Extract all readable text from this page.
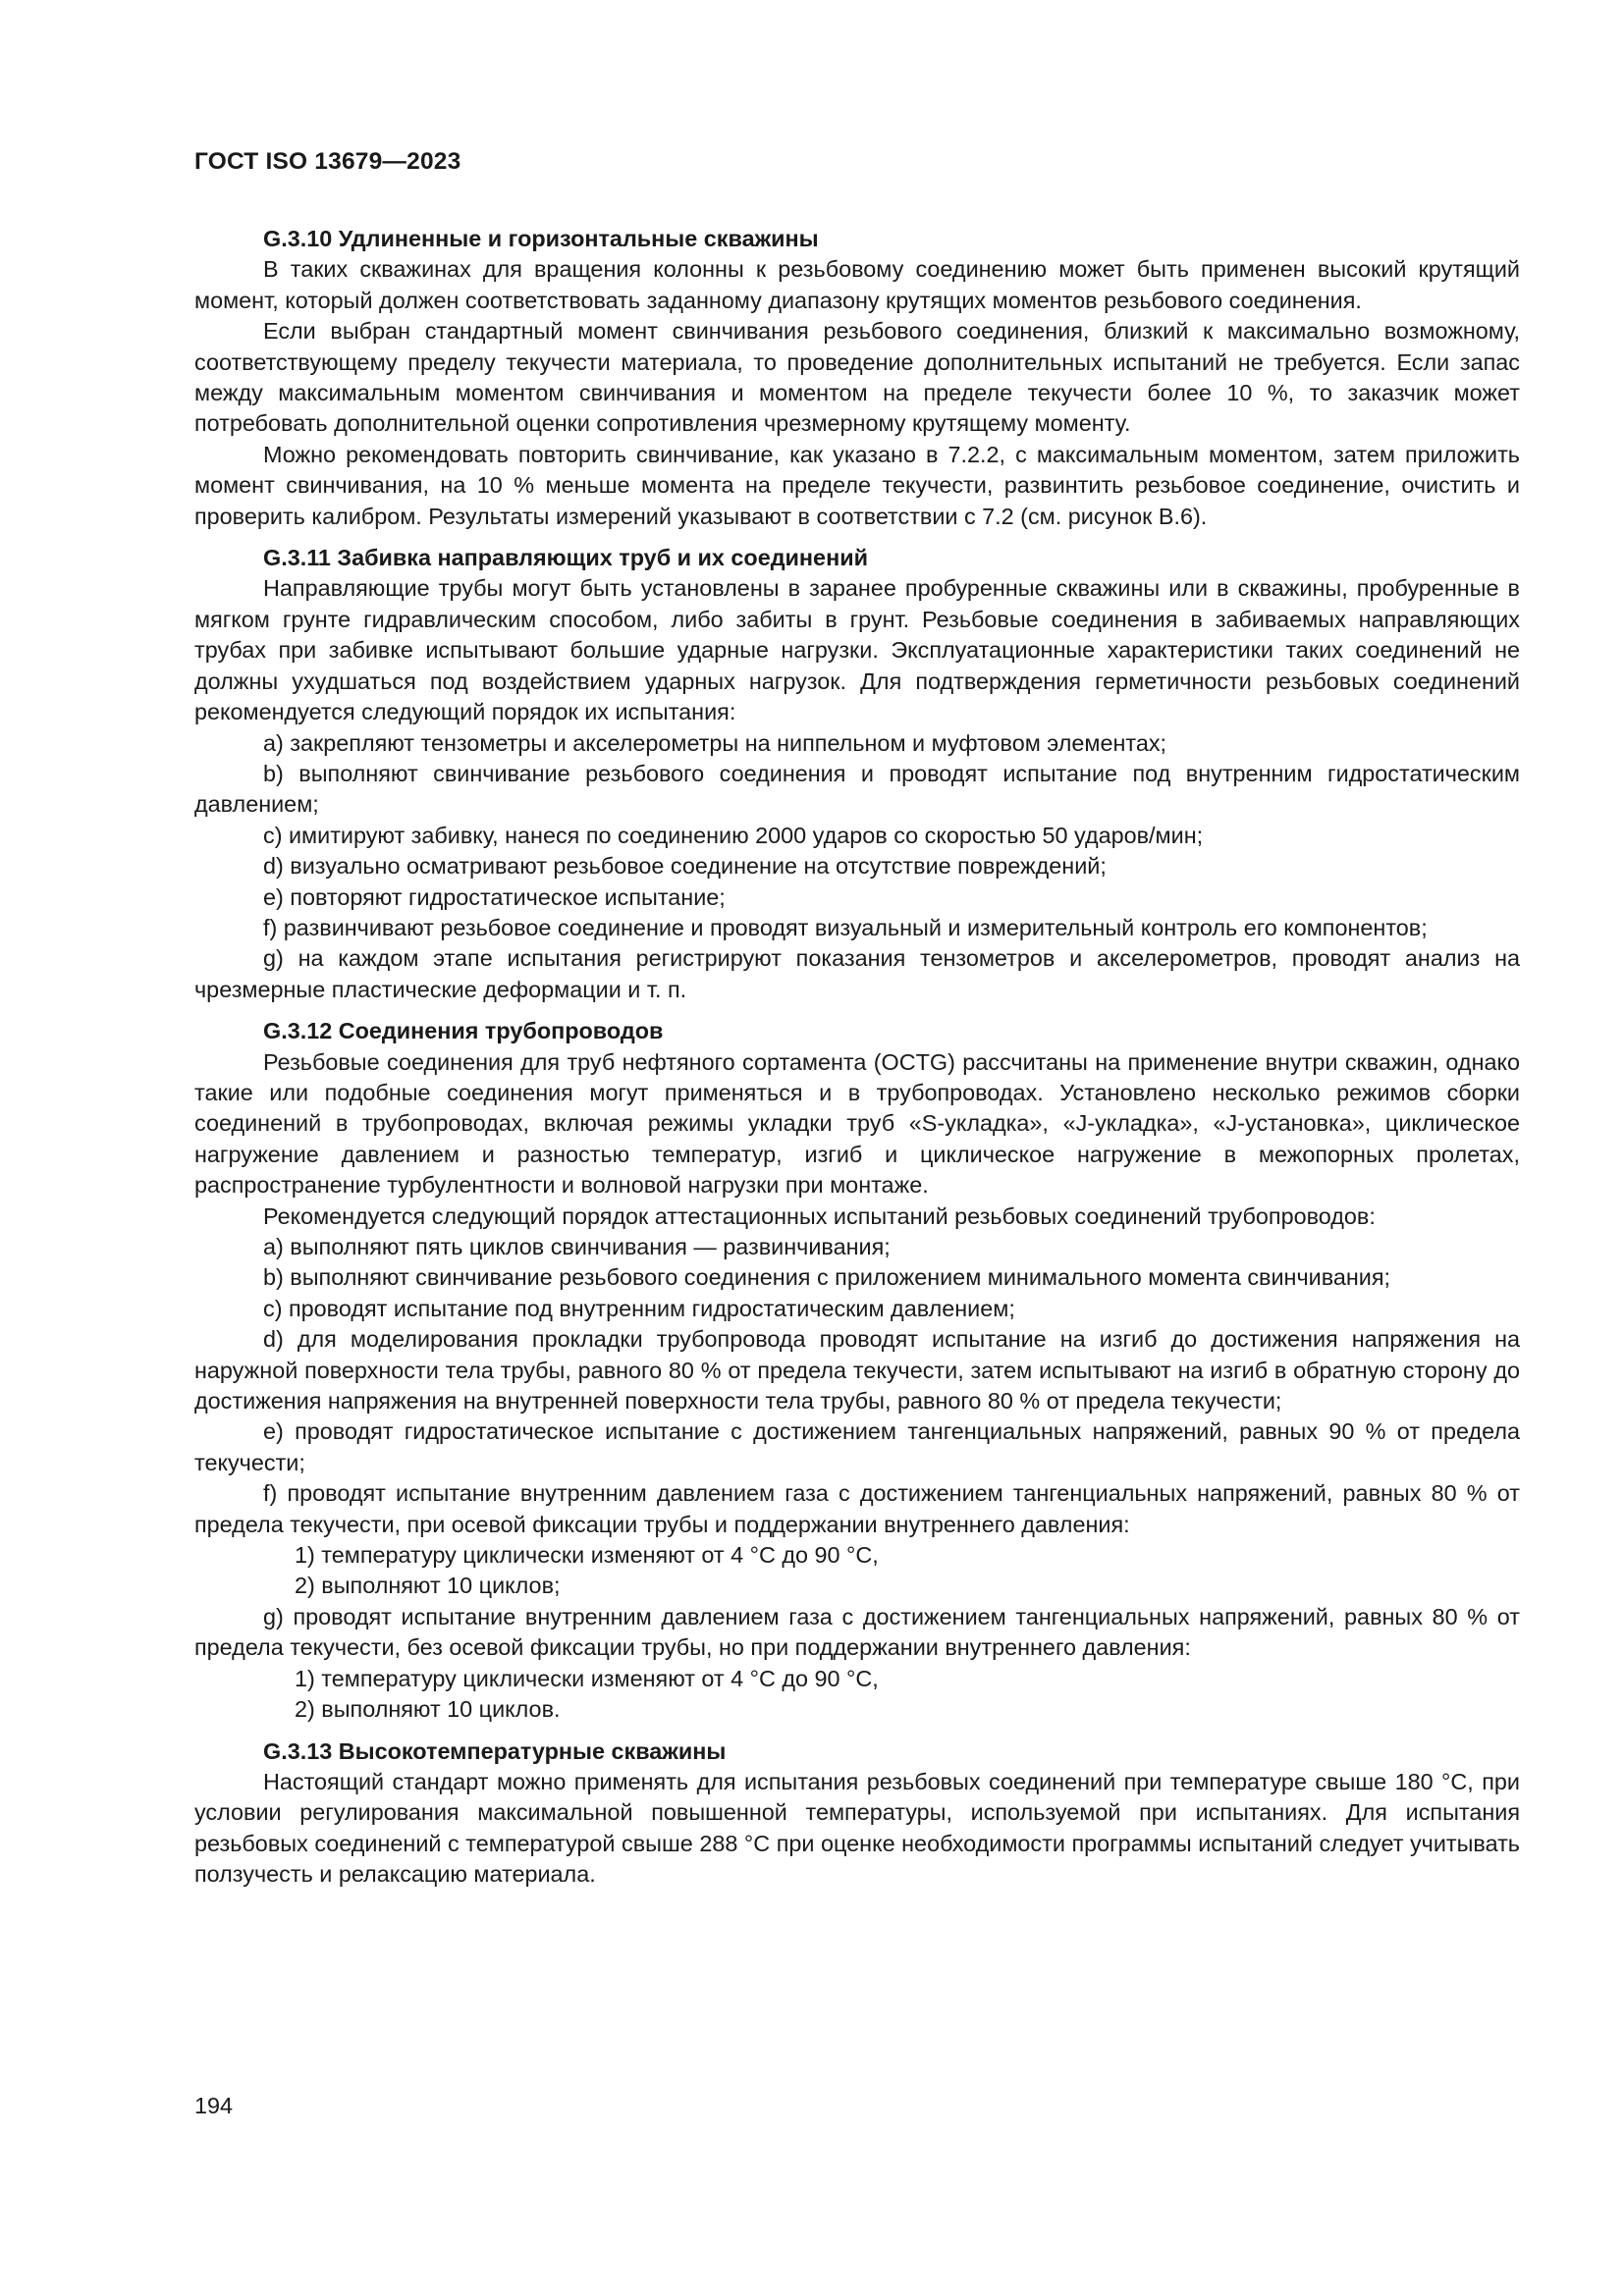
ГОСТ ISO 13679—2023
G.3.10 Удлиненные и горизонтальные скважины

В таких скважинах для вращения колонны к резьбовому соединению может быть применен высокий крутящий момент, который должен соответствовать заданному диапазону крутящих моментов резьбового соединения.

Если выбран стандартный момент свинчивания резьбового соединения, близкий к максимально возможному, соответствующему пределу текучести материала, то проведение дополнительных испытаний не требуется. Если запас между максимальным моментом свинчивания и моментом на пределе текучести более 10 %, то заказчик может потребовать дополнительной оценки сопротивления чрезмерному крутящему моменту.

Можно рекомендовать повторить свинчивание, как указано в 7.2.2, с максимальным моментом, затем приложить момент свинчивания, на 10 % меньше момента на пределе текучести, развинтить резьбовое соединение, очистить и проверить калибром. Результаты измерений указывают в соответствии с 7.2 (см. рисунок В.6).

G.3.11 Забивка направляющих труб и их соединений

Направляющие трубы могут быть установлены в заранее пробуренные скважины или в скважины, пробуренные в мягком грунте гидравлическим способом, либо забиты в грунт. Резьбовые соединения в забиваемых направляющих трубах при забивке испытывают большие ударные нагрузки. Эксплуатационные характеристики таких соединений не должны ухудшаться под воздействием ударных нагрузок. Для подтверждения герметичности резьбовых соединений рекомендуется следующий порядок их испытания:

a) закрепляют тензометры и акселерометры на ниппельном и муфтовом элементах;

b) выполняют свинчивание резьбового соединения и проводят испытание под внутренним гидростатическим давлением;

c) имитируют забивку, нанеся по соединению 2000 ударов со скоростью 50 ударов/мин;

d) визуально осматривают резьбовое соединение на отсутствие повреждений;

e) повторяют гидростатическое испытание;

f) развинчивают резьбовое соединение и проводят визуальный и измерительный контроль его компонентов;

g) на каждом этапе испытания регистрируют показания тензометров и акселерометров, проводят анализ на чрезмерные пластические деформации и т. п.

G.3.12 Соединения трубопроводов

Резьбовые соединения для труб нефтяного сортамента (OCTG) рассчитаны на применение внутри скважин, однако такие или подобные соединения могут применяться и в трубопроводах. Установлено несколько режимов сборки соединений в трубопроводах, включая режимы укладки труб «S-укладка», «J-укладка», «J-установка», циклическое нагружение давлением и разностью температур, изгиб и циклическое нагружение в межопорных пролетах, распространение турбулентности и волновой нагрузки при монтаже.

Рекомендуется следующий порядок аттестационных испытаний резьбовых соединений трубопроводов:

a) выполняют пять циклов свинчивания — развинчивания;

b) выполняют свинчивание резьбового соединения с приложением минимального момента свинчивания;

c) проводят испытание под внутренним гидростатическим давлением;

d) для моделирования прокладки трубопровода проводят испытание на изгиб до достижения напряжения на наружной поверхности тела трубы, равного 80 % от предела текучести, затем испытывают на изгиб в обратную сторону до достижения напряжения на внутренней поверхности тела трубы, равного 80 % от предела текучести;

e) проводят гидростатическое испытание с достижением тангенциальных напряжений, равных 90 % от предела текучести;

f) проводят испытание внутренним давлением газа с достижением тангенциальных напряжений, равных 80 % от предела текучести, при осевой фиксации трубы и поддержании внутреннего давления:

1) температуру циклически изменяют от 4 °С до 90 °С,

2) выполняют 10 циклов;

g) проводят испытание внутренним давлением газа с достижением тангенциальных напряжений, равных 80 % от предела текучести, без осевой фиксации трубы, но при поддержании внутреннего давления:

1) температуру циклически изменяют от 4 °С до 90 °С,

2) выполняют 10 циклов.

G.3.13 Высокотемпературные скважины

Настоящий стандарт можно применять для испытания резьбовых соединений при температуре свыше 180 °С, при условии регулирования максимальной повышенной температуры, используемой при испытаниях. Для испытания резьбовых соединений с температурой свыше 288 °С при оценке необходимости программы испытаний следует учитывать ползучесть и релаксацию материала.

194
